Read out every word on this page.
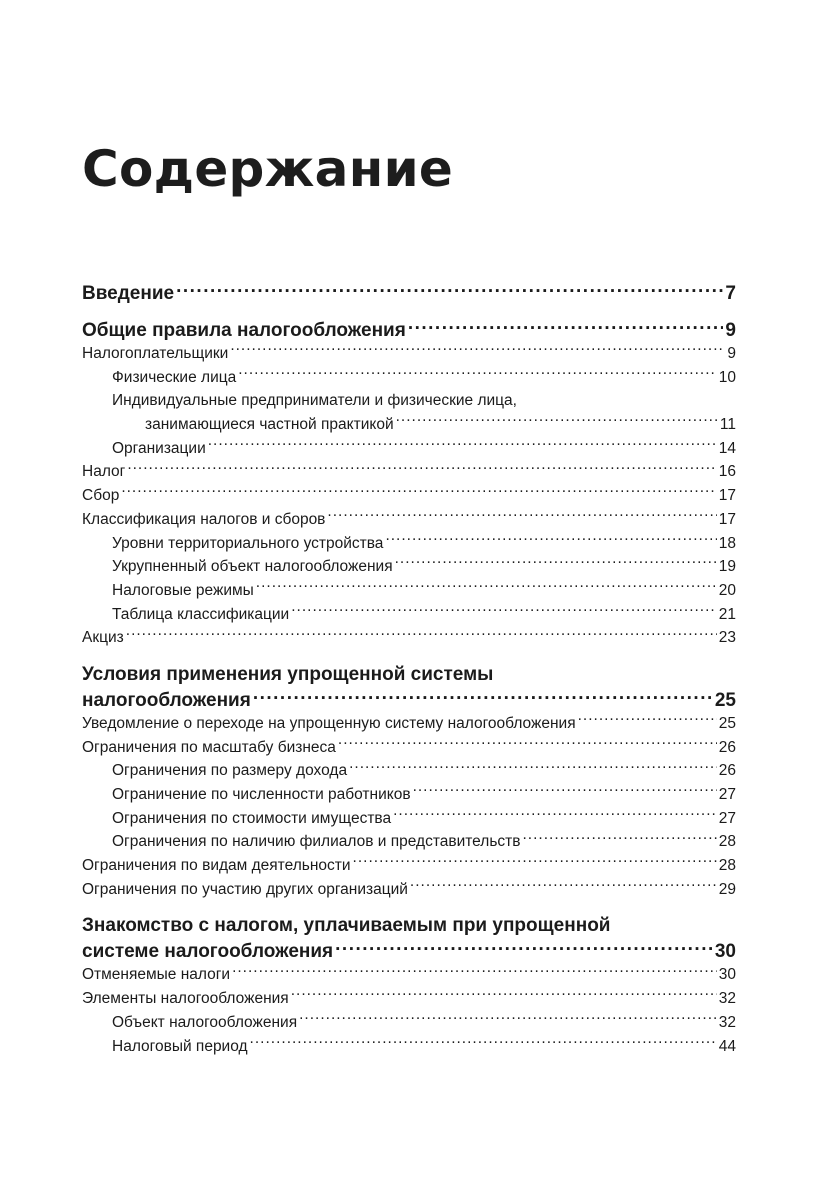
Содержание
Введение .....	7
Общие правила налогообложения .....	9
Налогоплательщики .....	9
Физические лица .....	10
Индивидуальные предприниматели и физические лица,
занимающиеся частной практикой .....	11
Организации .....	14
Налог .....	16
Сбор .....	17
Классификация налогов и сборов .....	17
Уровни территориального устройства .....	18
Укрупненный объект налогообложения .....	19
Налоговые режимы .....	20
Таблица классификации .....	21
Акциз .....	23
Условия применения упрощенной системы
налогообложения .....	25
Уведомление о переходе на упрощенную систему налогообложения .....	25
Ограничения по масштабу бизнеса .....	26
Ограничения по размеру дохода .....	26
Ограничение по численности работников .....	27
Ограничения по стоимости имущества .....	27
Ограничения по наличию филиалов и представительств .....	28
Ограничения по видам деятельности .....	28
Ограничения по участию других организаций .....	29
Знакомство с налогом, уплачиваемым при упрощенной
системе налогообложения .....	30
Отменяемые налоги .....	30
Элементы налогообложения .....	32
Объект налогообложения .....	32
Налоговый период .....	44
